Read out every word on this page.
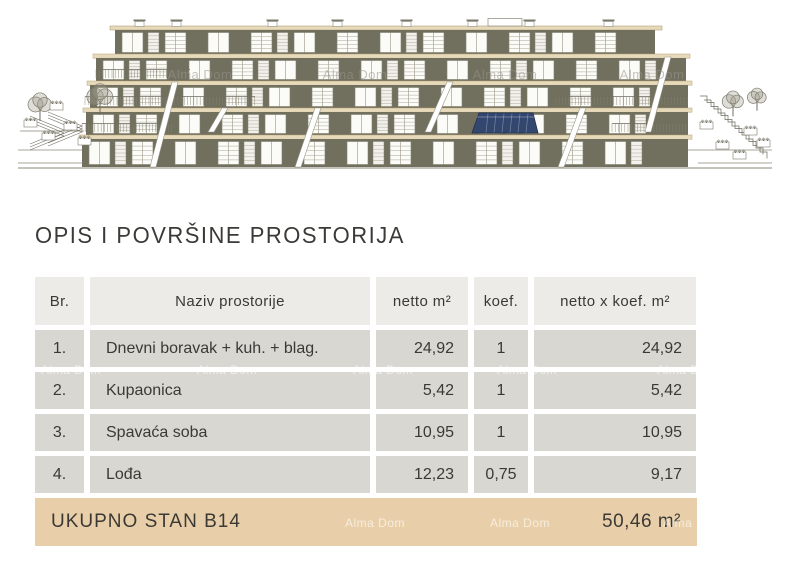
Alma Dom	Alma Dom	Alma Dom	Alma Dom
OPIS I POVRŠINE PROSTORIJA
Br.	Naziv prostorije	netto m²	koef.	netto x koef. m²
1.	Dnevni boravak + kuh. + blag.	24,92	1	24,92
2.	Kupaonica	5,42	1	5,42
3.	Spavaća soba	10,95	1	10,95
4.	Lođa	12,23	0,75	9,17
UKUPNO STAN B14	50,46 m²
Alma Dom	Alma Dom	Alma Dom	Alma Dom	Alma Dom
Alma Dom	Alma Dom	Alma Dom
